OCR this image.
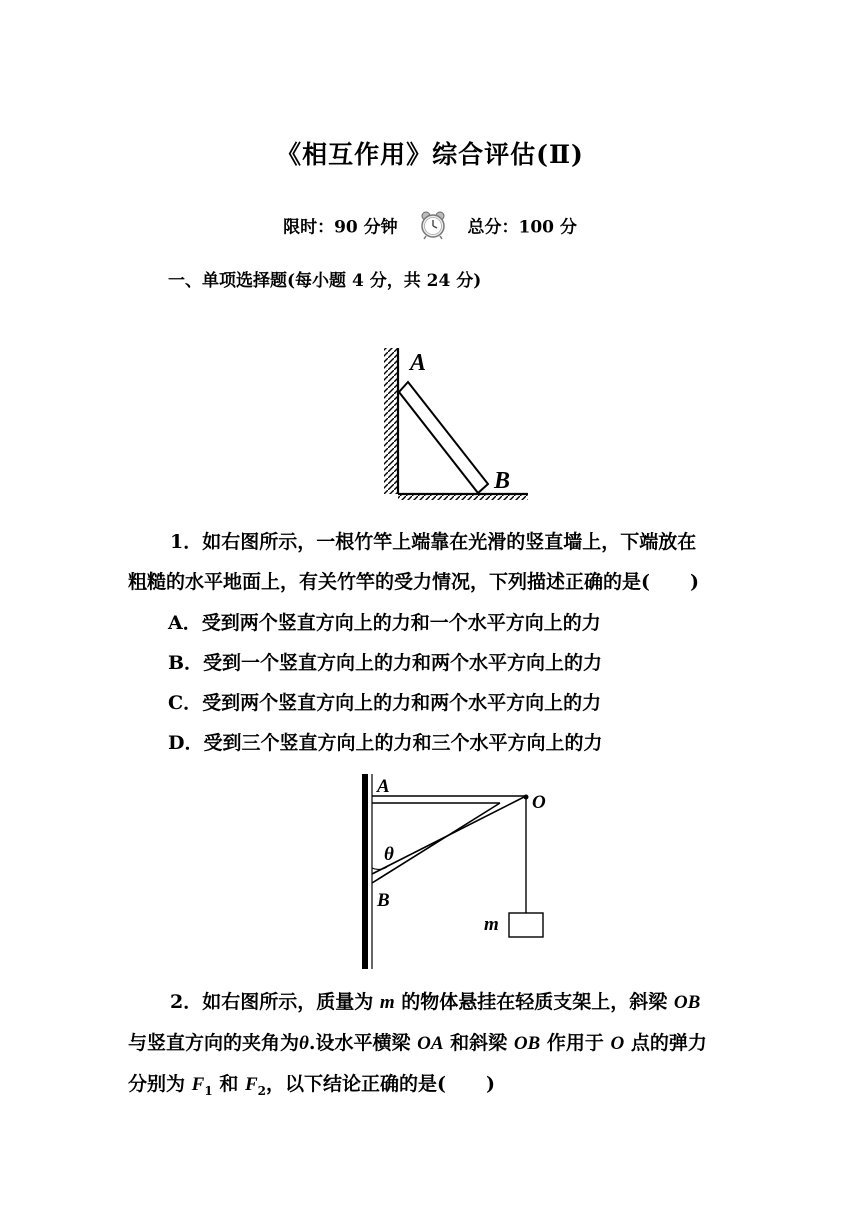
《相互作用》综合评估(Ⅱ)
限时：90 分钟	总分：100 分
一、单项选择题(每小题 4 分，共 24 分)
A
B
1．如右图所示，一根竹竿上端靠在光滑的竖直墙上，下端放在
粗糙的水平地面上，有关竹竿的受力情况，下列描述正确的是( )
A．受到两个竖直方向上的力和一个水平方向上的力
B．受到一个竖直方向上的力和两个水平方向上的力
C．受到两个竖直方向上的力和两个水平方向上的力
D．受到三个竖直方向上的力和三个水平方向上的力
A
O
θ
B
m
2．如右图所示，质量为 m 的物体悬挂在轻质支架上，斜梁 OB
与竖直方向的夹角为θ.设水平横梁 OA 和斜梁 OB 作用于 O 点的弹力
分别为 $F_1$ 和 $F_2$，以下结论正确的是( )
